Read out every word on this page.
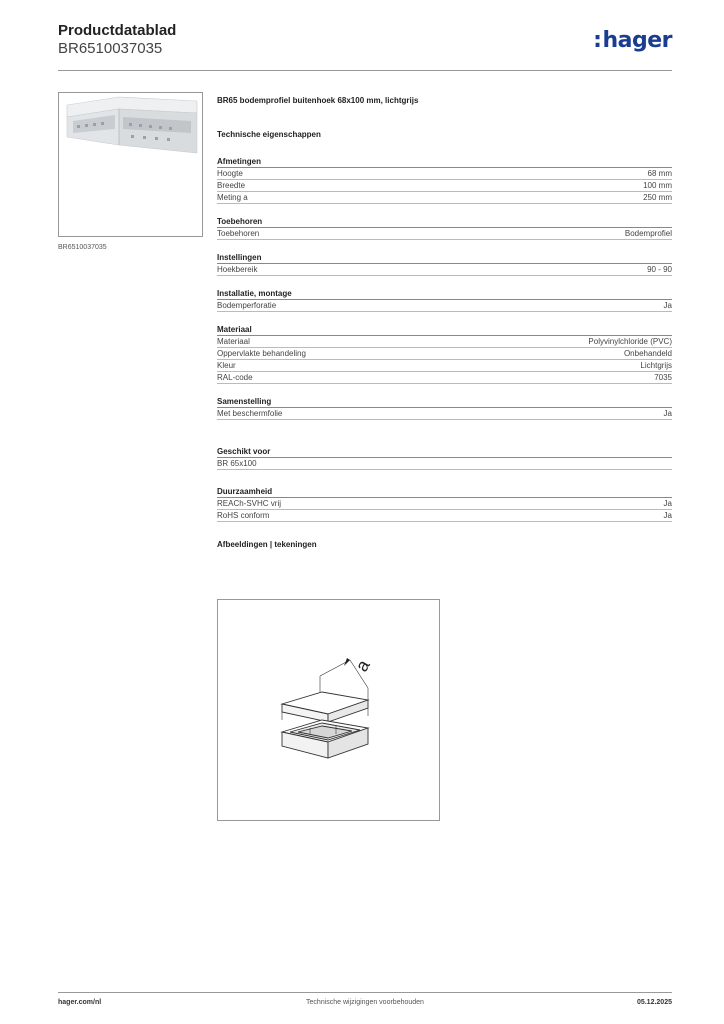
Productdatablad
BR6510037035	:hager
BR6510037035
BR65 bodemprofiel buitenhoek 68x100 mm, lichtgrijs
Technische eigenschappen
Afmetingen
Hoogte	68 mm
Breedte	100 mm
Meting a	250 mm
Toebehoren
Toebehoren	Bodemprofiel
Instellingen
Hoekbereik	90 - 90
Installatie, montage
Bodemperforatie	Ja
Materiaal
Materiaal	Polyvinylchloride (PVC)
Oppervlakte behandeling	Onbehandeld
Kleur	Lichtgrijs
RAL-code	7035
Samenstelling
Met beschermfolie	Ja
Geschikt voor
BR 65x100
Duurzaamheid
REACh-SVHC vrij	Ja
RoHS conform	Ja
Afbeeldingen | tekeningen
a
hager.com/nl	Technische wijzigingen voorbehouden	05.12.2025
